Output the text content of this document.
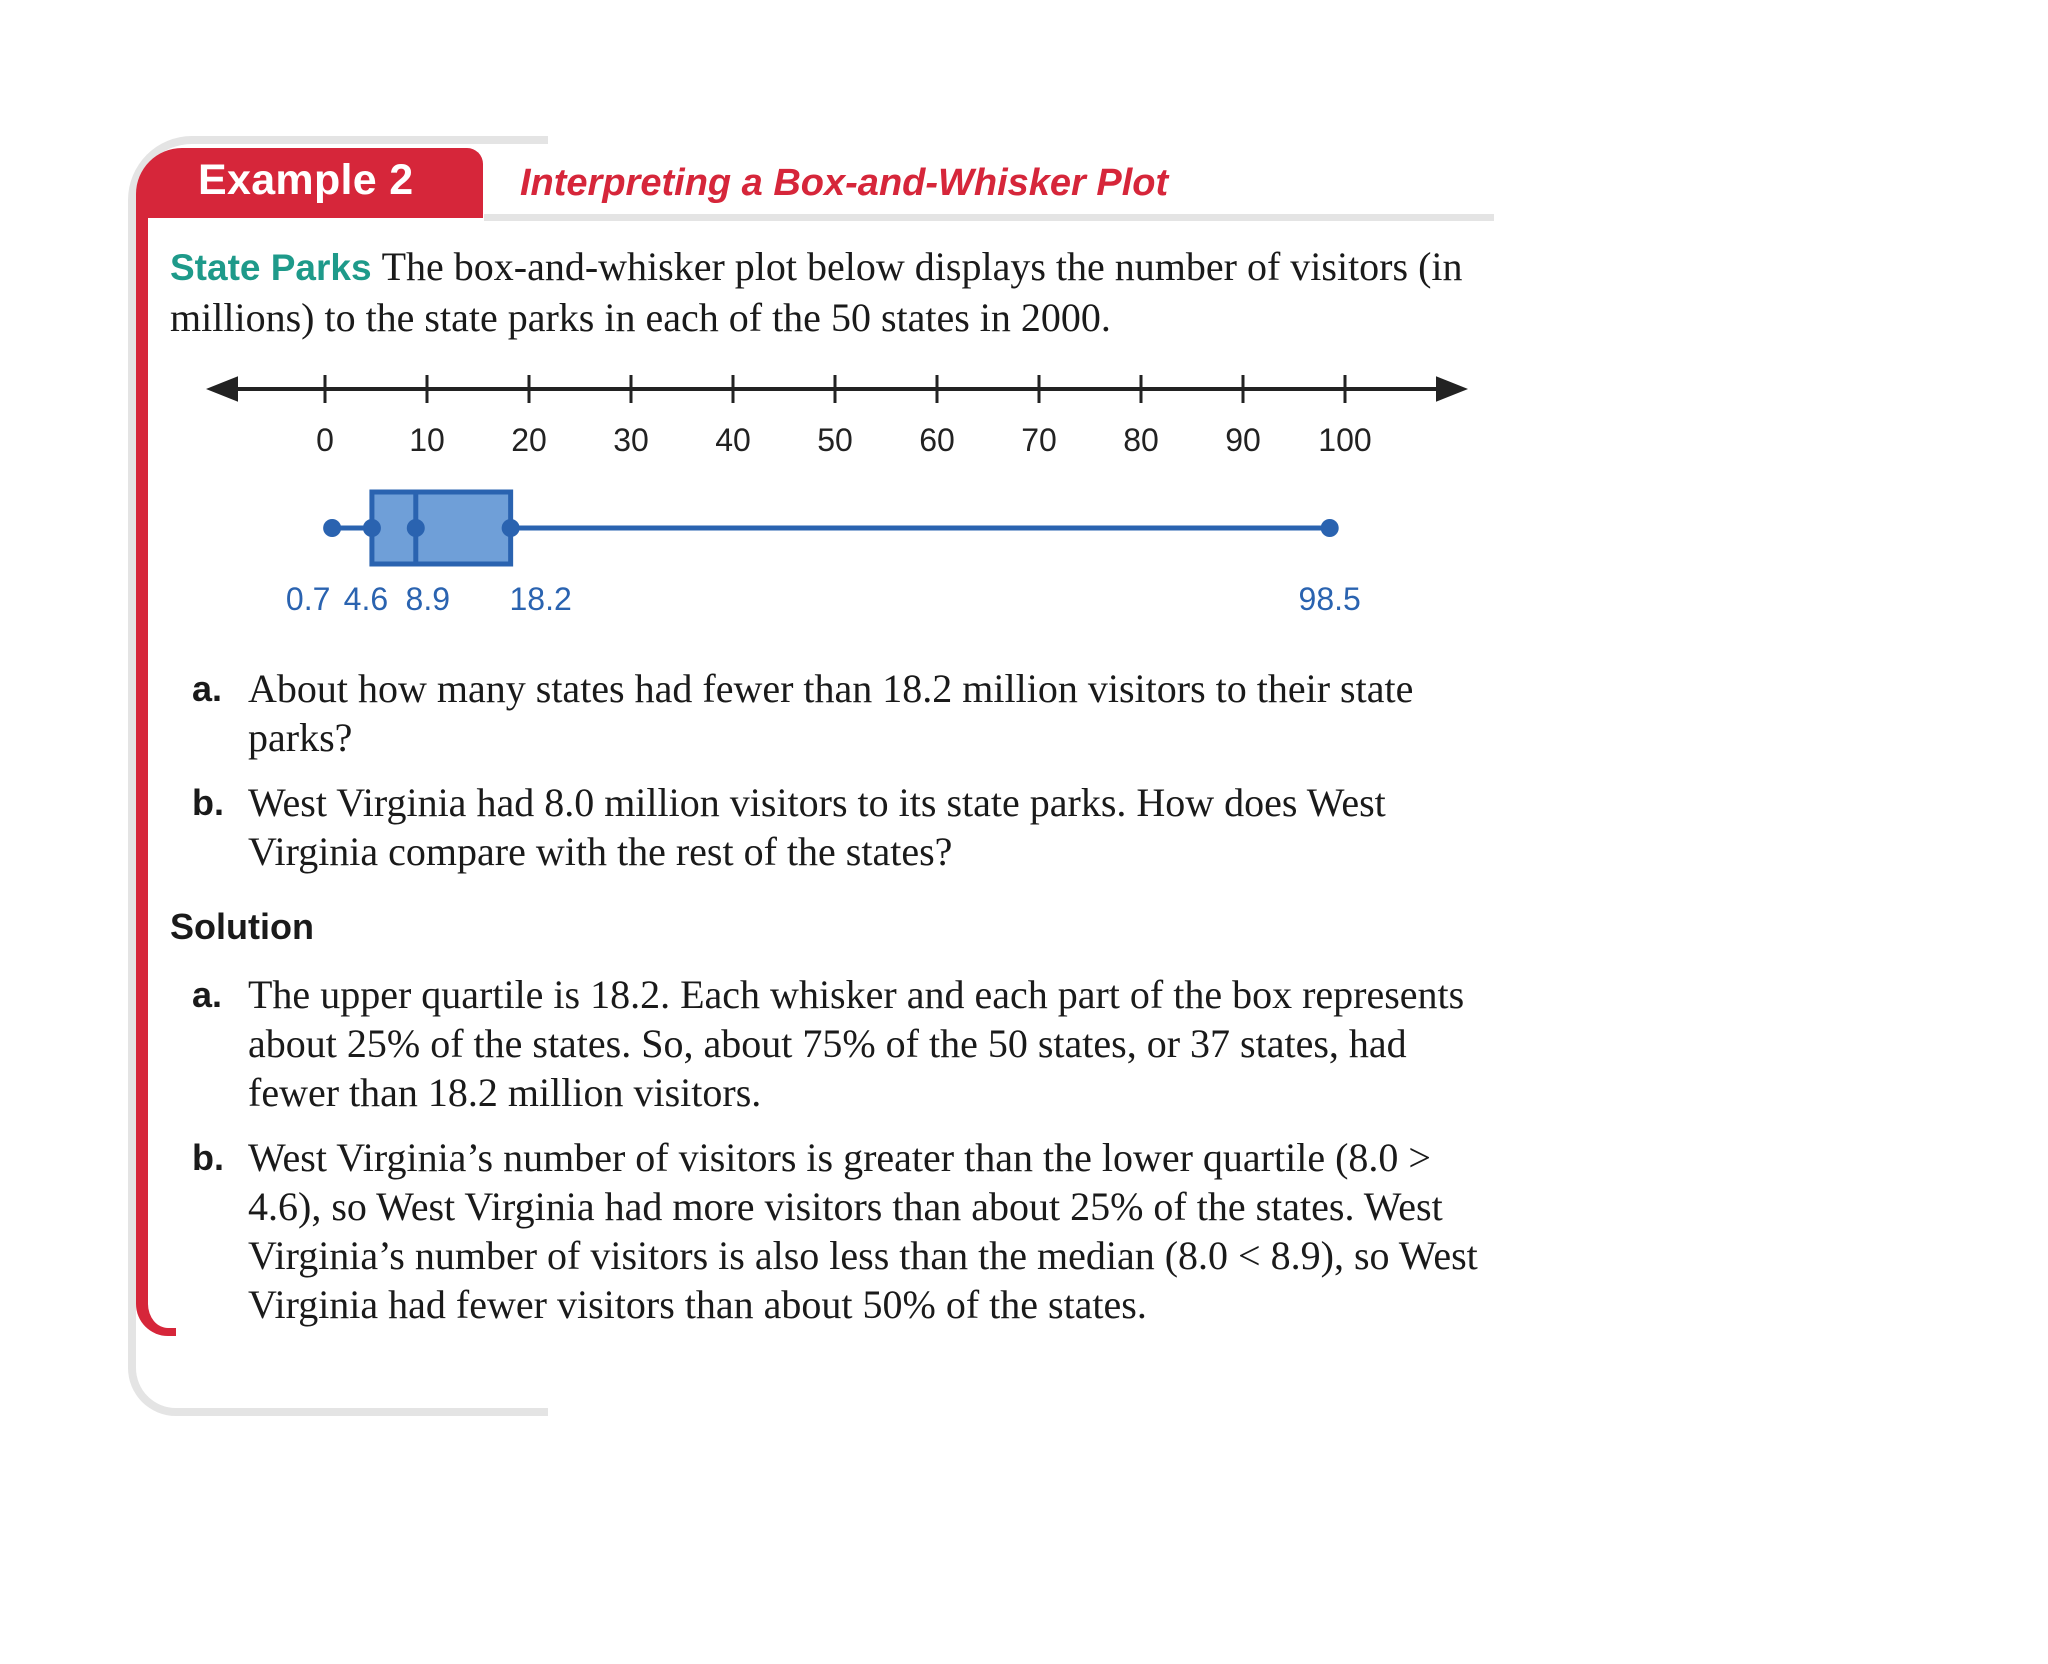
Example 2	Interpreting a Box-and-Whisker Plot
State Parks The box-and-whisker plot below displays the number of visitors (in millions) to the state parks in each of the 50 states in 2000.
0 10 20 30 40 50 60 70 80 90 100
0.7 4.6 8.9 18.2	98.5
a. About how many states had fewer than 18.2 million visitors to their state parks?
b. West Virginia had 8.0 million visitors to its state parks. How does West Virginia compare with the rest of the states?
Solution
a. The upper quartile is 18.2. Each whisker and each part of the box represents about 25% of the states. So, about 75% of the 50 states, or 37 states, had fewer than 18.2 million visitors.
b. West Virginia’s number of visitors is greater than the lower quartile (8.0 > 4.6), so West Virginia had more visitors than about 25% of the states. West Virginia’s number of visitors is also less than the median (8.0 < 8.9), so West Virginia had fewer visitors than about 50% of the states.
